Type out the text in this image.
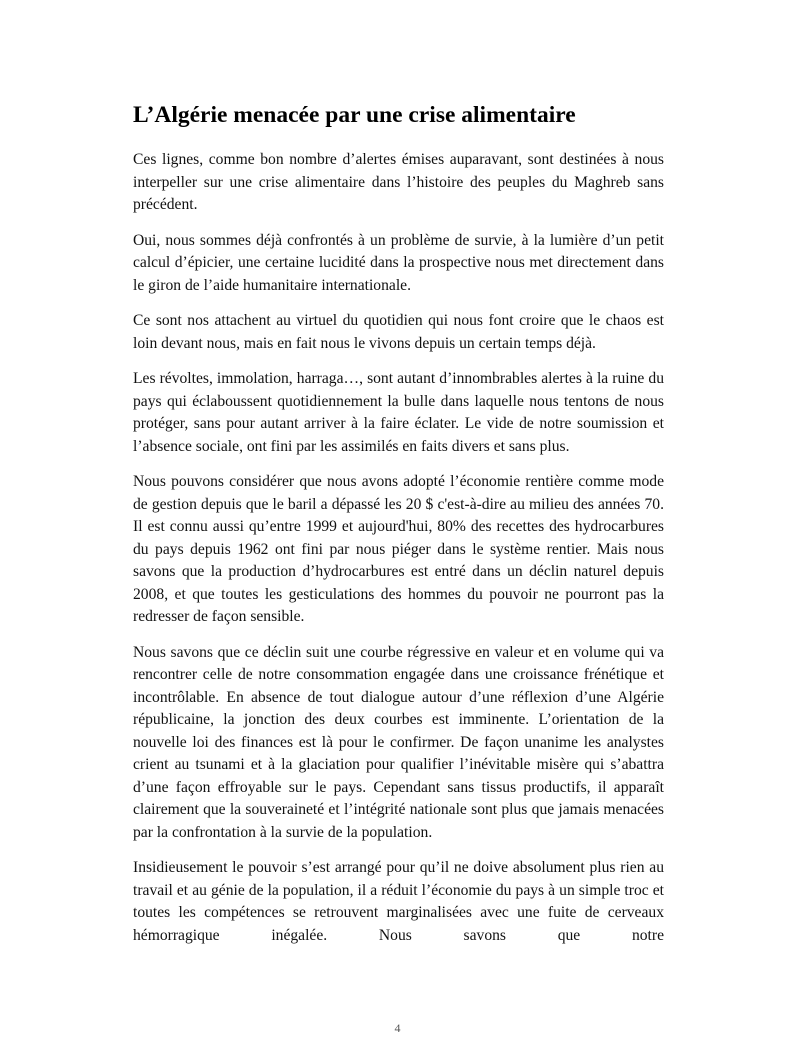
L’Algérie menacée par une crise alimentaire

Ces lignes, comme bon nombre d’alertes émises auparavant, sont destinées à nous interpeller sur une crise alimentaire dans l’histoire des peuples du Maghreb sans précédent.

Oui, nous sommes déjà confrontés à un problème de survie, à la lumière d’un petit calcul d’épicier, une certaine lucidité dans la prospective nous met directement dans le giron de l’aide humanitaire internationale.

Ce sont nos attachent au virtuel du quotidien qui nous font croire que le chaos est loin devant nous, mais en fait nous le vivons depuis un certain temps déjà.

Les révoltes, immolation, harraga…, sont autant d’innombrables alertes à la ruine du pays qui éclaboussent quotidiennement la bulle dans laquelle nous tentons de nous protéger, sans pour autant arriver à la faire éclater. Le vide de notre soumission et l’absence sociale, ont fini par les assimilés en faits divers et sans plus.

Nous pouvons considérer que nous avons adopté l’économie rentière comme mode de gestion depuis que le baril a dépassé les 20 $ c'est-à-dire au milieu des années 70. Il est connu aussi qu’entre 1999 et aujourd'hui, 80% des recettes des hydrocarbures du pays depuis 1962 ont fini par nous piéger dans le système rentier. Mais nous savons que la production d’hydrocarbures est entré dans un déclin naturel depuis 2008, et que toutes les gesticulations des hommes du pouvoir ne pourront pas la redresser de façon sensible.

Nous savons que ce déclin suit une courbe régressive en valeur et en volume qui va rencontrer celle de notre consommation engagée dans une croissance frénétique et incontrôlable. En absence de tout dialogue autour d’une réflexion d’une Algérie républicaine, la jonction des deux courbes est imminente. L’orientation de la nouvelle loi des finances est là pour le confirmer. De façon unanime les analystes crient au tsunami et à la glaciation pour qualifier l’inévitable misère qui s’abattra d’une façon effroyable sur le pays. Cependant sans tissus productifs, il apparaît clairement que la souveraineté et l’intégrité nationale sont plus que jamais menacées par la confrontation à la survie de la population.

Insidieusement le pouvoir s’est arrangé pour qu’il ne doive absolument plus rien au travail et au génie de la population, il a réduit l’économie du pays à un simple troc et toutes les compétences se retrouvent marginalisées avec une fuite de cerveaux hémorragique inégalée. Nous savons que notre

4
